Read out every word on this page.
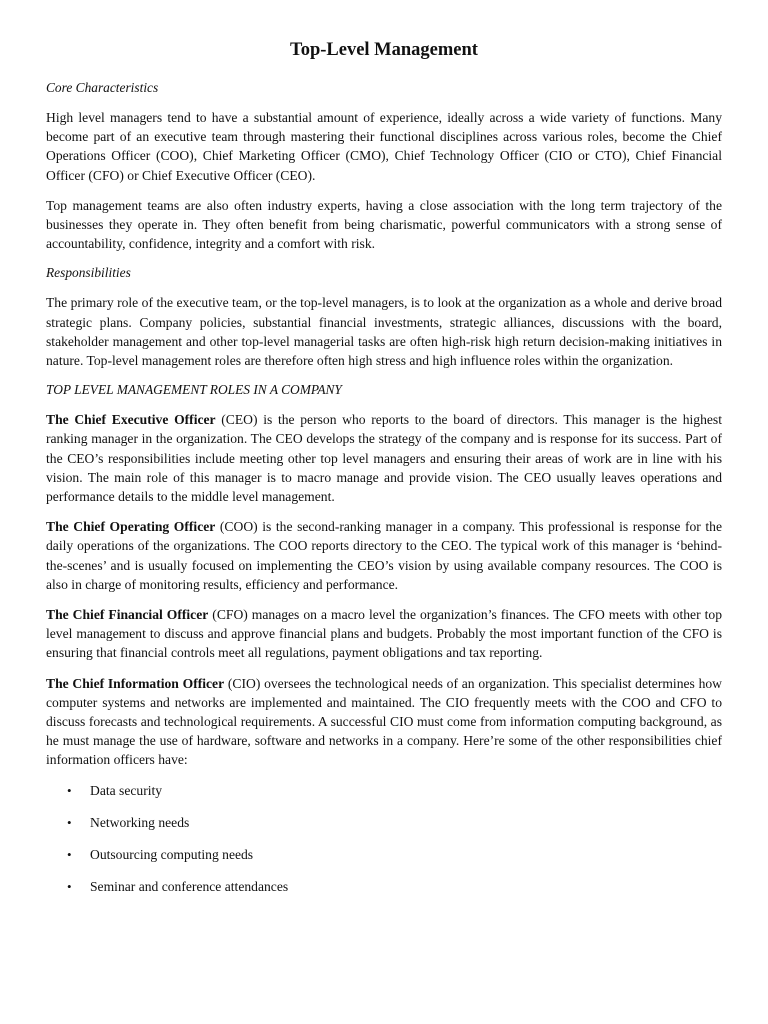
Top-Level Management
Core Characteristics

High level managers tend to have a substantial amount of experience, ideally across a wide variety of functions. Many become part of an executive team through mastering their functional disciplines across various roles, become the Chief Operations Officer (COO), Chief Marketing Officer (CMO), Chief Technology Officer (CIO or CTO), Chief Financial Officer (CFO) or Chief Executive Officer (CEO).

Top management teams are also often industry experts, having a close association with the long term trajectory of the businesses they operate in. They often benefit from being charismatic, powerful communicators with a strong sense of accountability, confidence, integrity and a comfort with risk.

Responsibilities

The primary role of the executive team, or the top-level managers, is to look at the organization as a whole and derive broad strategic plans. Company policies, substantial financial investments, strategic alliances, discussions with the board, stakeholder management and other top-level managerial tasks are often high-risk high return decision-making initiatives in nature. Top-level management roles are therefore often high stress and high influence roles within the organization.

TOP LEVEL MANAGEMENT ROLES IN A COMPANY

The Chief Executive Officer (CEO) is the person who reports to the board of directors. This manager is the highest ranking manager in the organization. The CEO develops the strategy of the company and is response for its success. Part of the CEO’s responsibilities include meeting other top level managers and ensuring their areas of work are in line with his vision. The main role of this manager is to macro manage and provide vision. The CEO usually leaves operations and performance details to the middle level management.

The Chief Operating Officer (COO) is the second-ranking manager in a company. This professional is response for the daily operations of the organizations. The COO reports directory to the CEO. The typical work of this manager is ‘behind-the-scenes’ and is usually focused on implementing the CEO’s vision by using available company resources. The COO is also in charge of monitoring results, efficiency and performance.

The Chief Financial Officer (CFO) manages on a macro level the organization’s finances. The CFO meets with other top level management to discuss and approve financial plans and budgets. Probably the most important function of the CFO is ensuring that financial controls meet all regulations, payment obligations and tax reporting.

The Chief Information Officer (CIO) oversees the technological needs of an organization. This specialist determines how computer systems and networks are implemented and maintained. The CIO frequently meets with the COO and CFO to discuss forecasts and technological requirements. A successful CIO must come from information computing background, as he must manage the use of hardware, software and networks in a company. Here’re some of the other responsibilities chief information officers have:

• Data security
• Networking needs
• Outsourcing computing needs
• Seminar and conference attendances
